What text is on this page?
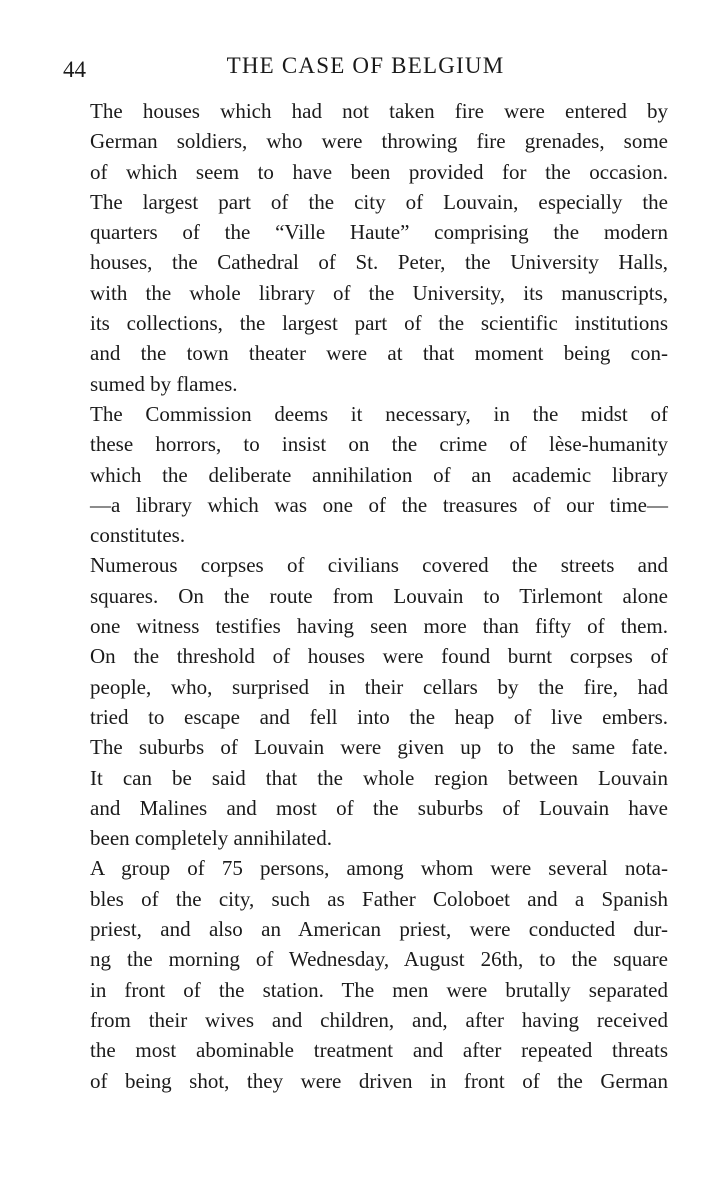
44	THE CASE OF BELGIUM

The houses which had not taken fire were entered by
German soldiers, who were throwing fire grenades, some
of which seem to have been provided for the occasion.
The largest part of the city of Louvain, especially the
quarters of the “Ville Haute” comprising the modern
houses, the Cathedral of St. Peter, the University Halls,
with the whole library of the University, its manuscripts,
its collections, the largest part of the scientific institutions
and the town theater were at that moment being con-
sumed by flames.

The Commission deems it necessary, in the midst of
these horrors, to insist on the crime of lèse-humanity
which the deliberate annihilation of an academic library
—a library which was one of the treasures of our time—
constitutes.

Numerous corpses of civilians covered the streets and
squares. On the route from Louvain to Tirlemont alone
one witness testifies having seen more than fifty of them.
On the threshold of houses were found burnt corpses of
people, who, surprised in their cellars by the fire, had
tried to escape and fell into the heap of live embers.
The suburbs of Louvain were given up to the same fate.
It can be said that the whole region between Louvain
and Malines and most of the suburbs of Louvain have
been completely annihilated.

A group of 75 persons, among whom were several nota-
bles of the city, such as Father Coloboet and a Spanish
priest, and also an American priest, were conducted dur-
ng the morning of Wednesday, August 26th, to the square
in front of the station. The men were brutally separated
from their wives and children, and, after having received
the most abominable treatment and after repeated threats
of being shot, they were driven in front of the German
